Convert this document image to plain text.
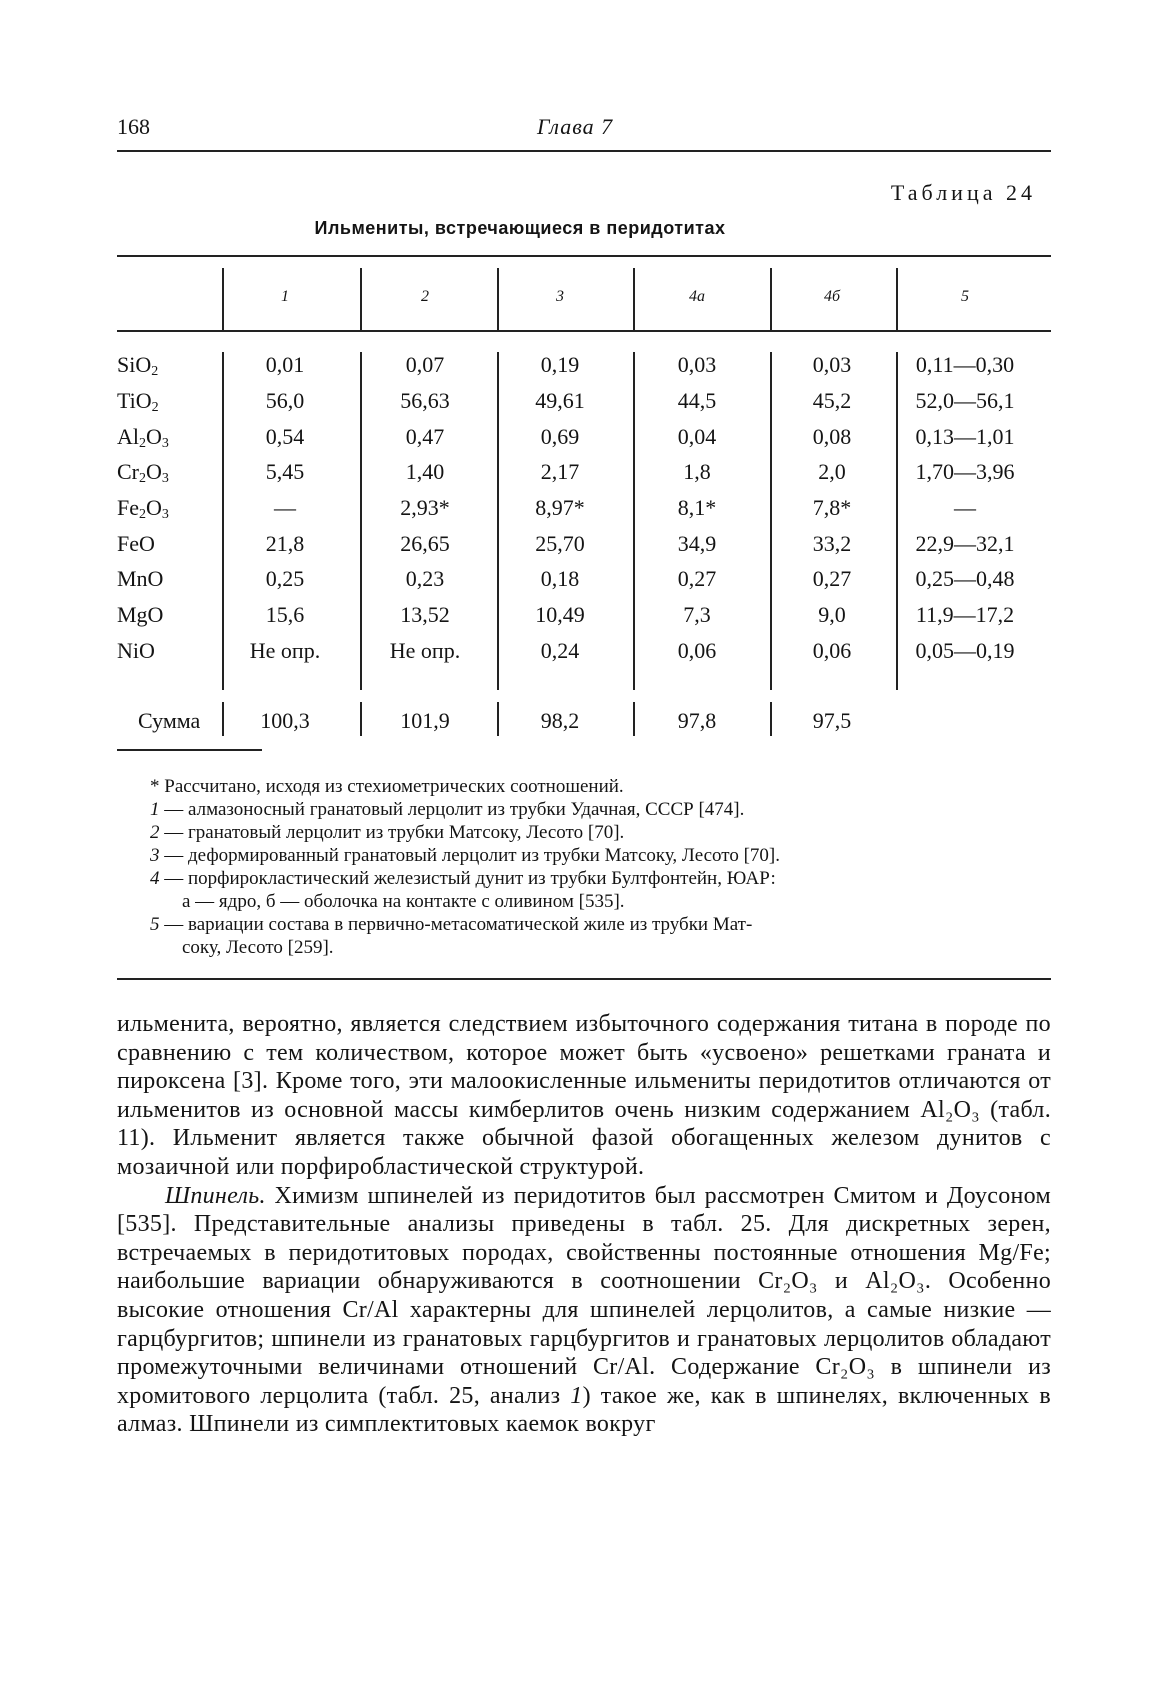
168	Глава 7
Таблица 24
Ильмениты, встречающиеся в перидотитах
1	2	3	4а	4б	5
SiO$_2$	0,01	0,07	0,19	0,03	0,03	0,11—0,30
TiO$_2$	56,0	56,63	49,61	44,5	45,2	52,0—56,1
$Al_2O_3$	0,54	0,47	0,69	0,04	0,08	0,13—1,01
$Cr_2O_3$	5,45	1,40	2,17	1,8	2,0	1,70—3,96
$Fe_2O_3$	—	2,93*	8,97*	8,1*	7,8*	—
FeO	21,8	26,65	25,70	34,9	33,2	22,9—32,1
MnO	0,25	0,23	0,18	0,27	0,27	0,25—0,48
MgO	15,6	13,52	10,49	7,3	9,0	11,9—17,2
NiO	Не опр.	Не опр.	0,24	0,06	0,06	0,05—0,19
Сумма	100,3	101,9	98,2	97,8	97,5
* Рассчитано, исходя из стехиометрических соотношений.
1 — алмазоносный гранатовый лерцолит из трубки Удачная, СССР [474].
2 — гранатовый лерцолит из трубки Матсоку, Лесото [70].
3 — деформированный гранатовый лерцолит из трубки Матсоку, Лесото [70].
4 — порфирокластический железистый дунит из трубки Бултфонтейн, ЮАР:
а — ядро, б — оболочка на контакте с оливином [535].
5 — вариации состава в первично-метасоматической жиле из трубки Мат-
соку, Лесото [259].

ильменита, вероятно, является следствием избыточного содержания титана в породе по сравнению с тем количеством, которое может быть «усвоено» решетками граната и пироксена [3]. Кроме того, эти малоокисленные ильмениты перидотитов отличаются от ильменитов из основной массы кимберлитов очень низким содержанием Al₂O₃ (табл. 11). Ильменит является также обычной фазой обогащенных железом дунитов с мозаичной или порфиробластической структурой.

Шпинель. Химизм шпинелей из перидотитов был рассмотрен Смитом и Доусоном [535]. Представительные анализы приведены в табл. 25. Для дискретных зерен, встречаемых в перидотитовых породах, свойственны постоянные отношения Mg/Fe; наибольшие вариации обнаруживаются в соотношении Cr₂O₃ и Al₂O₃. Особенно высокие отношения Cr/Al характерны для шпинелей лерцолитов, а самые низкие — гарцбургитов; шпинели из гранатовых гарцбургитов и гранатовых лерцолитов обладают промежуточными величинами отношений Cr/Al. Содержание Cr₂O₃ в шпинели из хромитового лерцолита (табл. 25, анализ 1) такое же, как в шпинелях, включенных в алмаз. Шпинели из симплектитовых каемок вокруг
